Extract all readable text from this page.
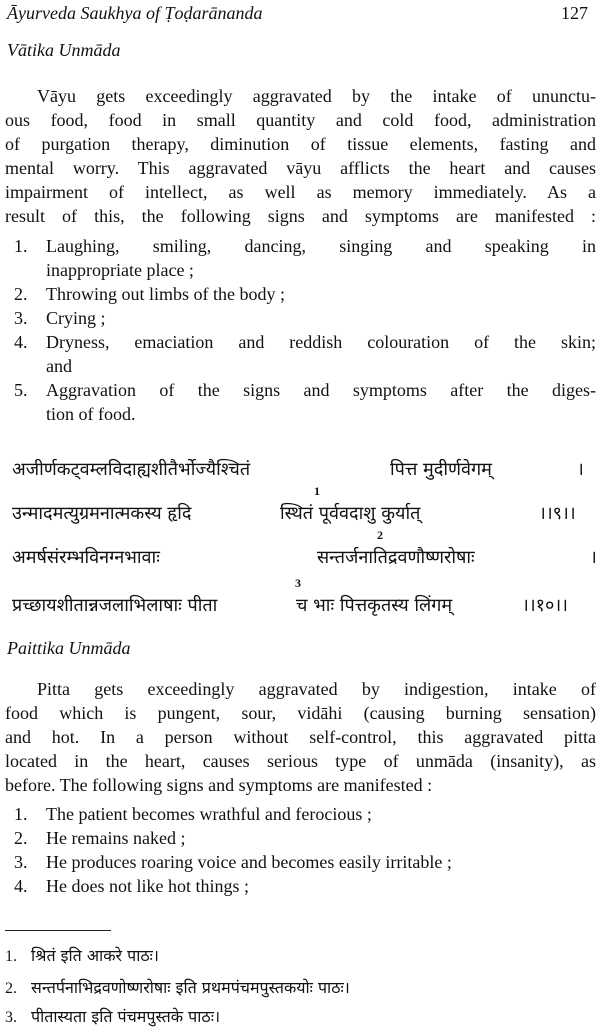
Āyurveda Saukhya of Ṭoḍarānanda	127
Vātika Unmāda
Vāyu gets exceedingly aggravated by the intake of ununctu-
ous food, food in small quantity and cold food, administration
of purgation therapy, diminution of tissue elements, fasting and
mental worry. This aggravated vāyu afflicts the heart and causes
impairment of intellect, as well as memory immediately. As a
result of this, the following signs and symptoms are manifested :
1. Laughing, smiling, dancing, singing and speaking in
inappropriate place ;
2. Throwing out limbs of the body ;
3. Crying ;
4. Dryness, emaciation and reddish colouration of the skin;
and
5. Aggravation of the signs and symptoms after the diges-
tion of food.
अजीर्णकट्वम्लविदाह्यशीतैर्भोज्यैश्चितं	पित्त मुदीर्णवेगम्	।
उन्मादमत्युग्रमनात्मकस्य हृदि	स्थितं पूर्ववदाशु कुर्यात्	।।९।।
1
अमर्षसंरम्भविनग्नभावाः	सन्तर्जनातिद्रवणौष्णरोषाः	।
2
प्रच्छायशीतान्नजलाभिलाषाः पीता	च भाः पित्तकृतस्य लिंगम्	।।१०।।
3
Paittika Unmāda
Pitta gets exceedingly aggravated by indigestion, intake of
food which is pungent, sour, vidāhi (causing burning sensation)
and hot. In a person without self-control, this aggravated pitta
located in the heart, causes serious type of unmāda (insanity), as
before. The following signs and symptoms are manifested :
1. The patient becomes wrathful and ferocious ;
2. He remains naked ;
3. He produces roaring voice and becomes easily irritable ;
4. He does not like hot things ;
1. श्रितं इति आकरे पाठः।
2. सन्तर्पनाभिद्रवणोष्णरोषाः इति प्रथमपंचमपुस्तकयोः पाठः।
3. पीतास्यता इति पंचमपुस्तके पाठः।
